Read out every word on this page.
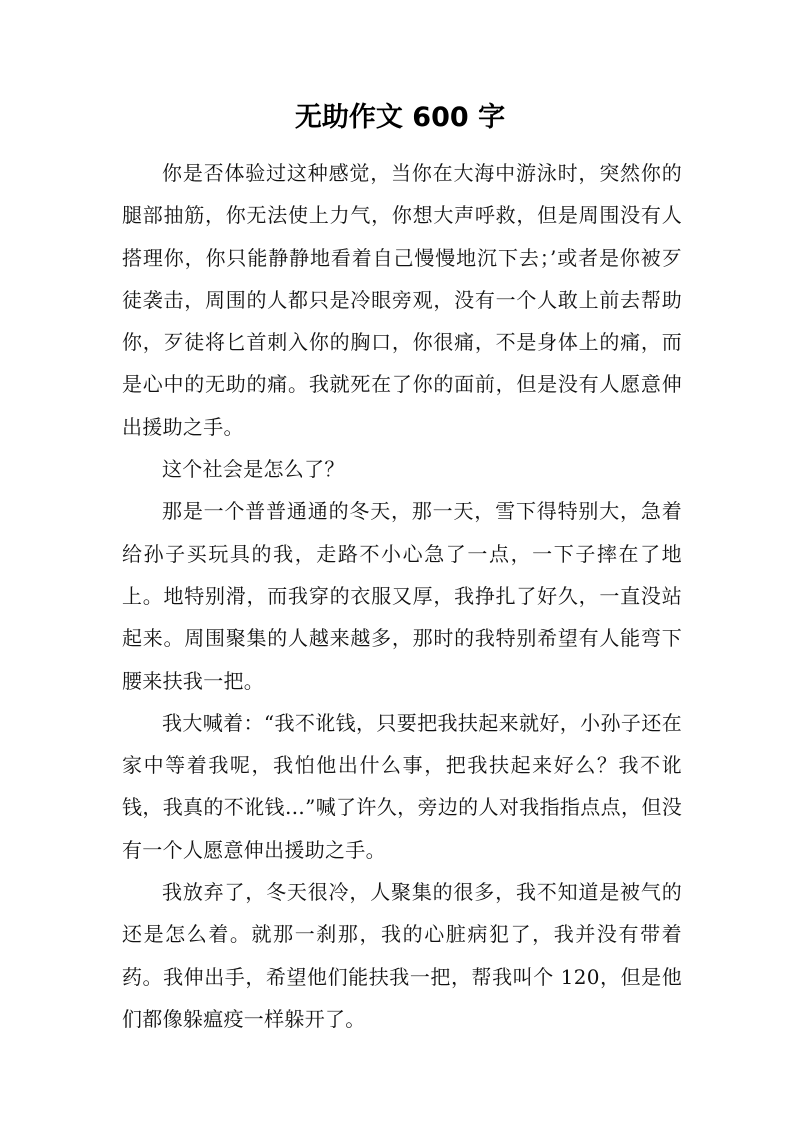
无助作文 600 字

你是否体验过这种感觉，当你在大海中游泳时，突然你的腿部抽筋，你无法使上力气，你想大声呼救，但是周围没有人搭理你，你只能静静地看着自己慢慢地沉下去；’或者是你被歹徒袭击，周围的人都只是冷眼旁观，没有一个人敢上前去帮助你，歹徒将匕首刺入你的胸口，你很痛，不是身体上的痛，而是心中的无助的痛。我就死在了你的面前，但是没有人愿意伸出援助之手。

这个社会是怎么了？

那是一个普普通通的冬天，那一天，雪下得特别大，急着给孙子买玩具的我，走路不小心急了一点，一下子摔在了地上。地特别滑，而我穿的衣服又厚，我挣扎了好久，一直没站起来。周围聚集的人越来越多，那时的我特别希望有人能弯下腰来扶我一把。

我大喊着：“我不讹钱，只要把我扶起来就好，小孙子还在家中等着我呢，我怕他出什么事，把我扶起来好么？我不讹钱，我真的不讹钱…”喊了许久，旁边的人对我指指点点，但没有一个人愿意伸出援助之手。

我放弃了，冬天很冷，人聚集的很多，我不知道是被气的还是怎么着。就那一刹那，我的心脏病犯了，我并没有带着药。我伸出手，希望他们能扶我一把，帮我叫个 120，但是他们都像躲瘟疫一样躲开了。
